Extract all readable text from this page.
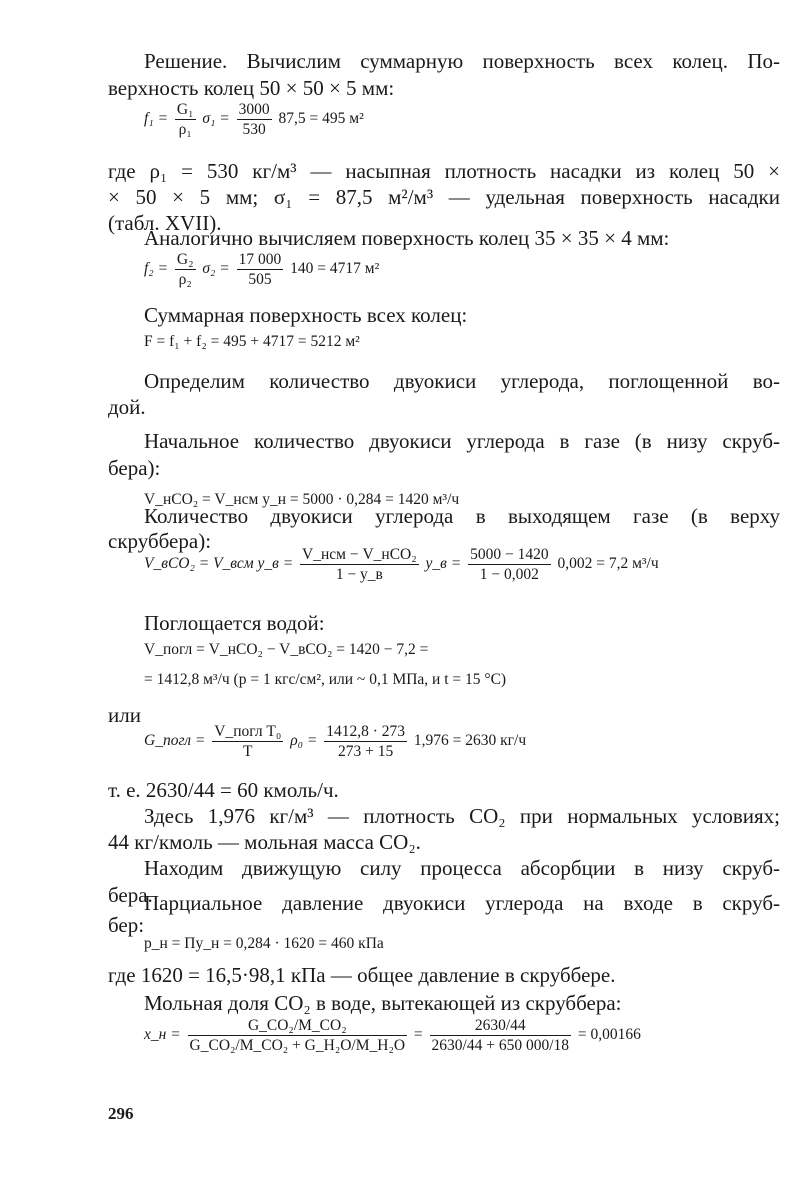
Решение. Вычислим суммарную поверхность всех колец. По-
верхность колец 50 × 50 × 5 мм:
$f_1 = \frac{\text{G₁}}{\text{ρ₁}} \sigma_1 = \frac{3000}{530} 87,5 = 495$ м²
где ρ₁ = 530 кг/м³ — насыпная плотность насадки из колец 50 ×
× 50 × 5 мм; σ₁ = 87,5 м²/м³ — удельная поверхность насадки
(табл. XVII).
Аналогично вычисляем поверхность колец 35 × 35 × 4 мм:
$f_2 = \frac{\text{G₂}}{\text{ρ₂}} \sigma_2 = \frac{17 000}{505} 140 = 4717$ м²
Суммарная поверхность всех колец:
F = f₁ + f₂ = 495 + 4717 = 5212 м²
Определим количество двуокиси углерода, поглощенной во-
дой.
Начальное количество двуокиси углерода в газе (в низу скруб-
бера):
V_нCO₂ = V_нсм y_н = 5000 · 0,284 = 1420 м³/ч
Количество двуокиси углерода в выходящем газе (в верху
скруббера):
V_вCO₂ = V_всм y_в = $\frac{\text{V\_нсм − V\_нCO₂}}{1 - y\_в}$ y_в = $\frac{5000 - 1420}{1 - 0,002} 0,002 = 7,2$ м³/ч
Поглощается водой:
V_погл = V_нCO₂ − V_вCO₂ = 1420 − 7,2 =
= 1412,8 м³/ч (p = 1 кгс/см², или ~ 0,1 МПа, и t = 15 °C)
или
G_погл = $\frac{\text{V\_погл T₀}}{T} \rho_0 = \frac{1412,8 \cdot 273}{273 + 15} 1,976 = 2630$ кг/ч
т. е. 2630/44 = 60 кмоль/ч.
Здесь 1,976 кг/м³ — плотность CO₂ при нормальных условиях;
44 кг/кмоль — мольная масса CO₂.
Находим движущую силу процесса абсорбции в низу скруб-
бера.
Парциальное давление двуокиси углерода на входе в скруб-
бер:
p_н = Πy_н = 0,284 · 1620 = 460 кПа
где 1620 = 16,5·98,1 кПа — общее давление в скруббере.
Мольная доля CO₂ в воде, вытекающей из скруббера:
x_н = $\frac{\text{G\_CO₂/M\_CO₂}}{\text{G\_CO₂/M\_CO₂ + G\_H₂O/M\_H₂O}} = \frac{2630/44}{2630/44 + 650 000/18} = 0,00166$
296
